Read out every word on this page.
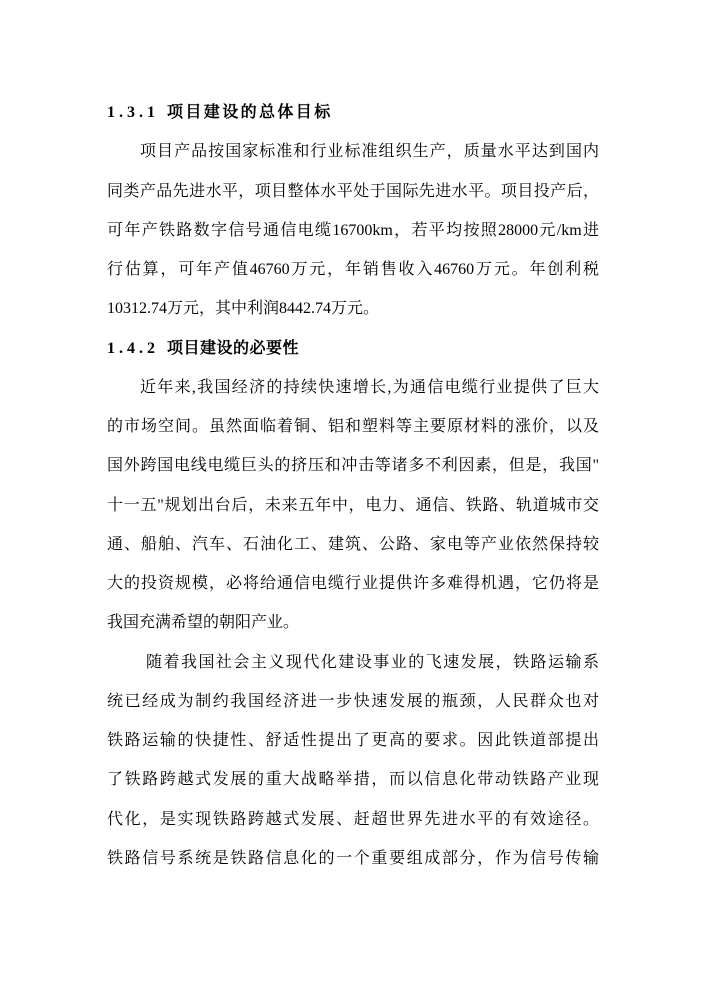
1.3.1 项目建设的总体目标
项目产品按国家标准和行业标准组织生产，质量水平达到国内
同类产品先进水平，项目整体水平处于国际先进水平。项目投产后，
可年产铁路数字信号通信电缆16700km，若平均按照28000元/km进
行估算，可年产值46760万元，年销售收入46760万元。年创利税
10312.74万元，其中利润8442.74万元。
1.4.2 项目建设的必要性
近年来,我国经济的持续快速增长,为通信电缆行业提供了巨大
的市场空间。虽然面临着铜、铝和塑料等主要原材料的涨价，以及
国外跨国电线电缆巨头的挤压和冲击等诸多不利因素，但是，我国"
十一五"规划出台后，未来五年中，电力、通信、铁路、轨道城市交
通、船舶、汽车、石油化工、建筑、公路、家电等产业依然保持较
大的投资规模，必将给通信电缆行业提供许多难得机遇，它仍将是
我国充满希望的朝阳产业。
随着我国社会主义现代化建设事业的飞速发展，铁路运输系
统已经成为制约我国经济进一步快速发展的瓶颈，人民群众也对
铁路运输的快捷性、舒适性提出了更高的要求。因此铁道部提出
了铁路跨越式发展的重大战略举措，而以信息化带动铁路产业现
代化，是实现铁路跨越式发展、赶超世界先进水平的有效途径。
铁路信号系统是铁路信息化的一个重要组成部分，作为信号传输
